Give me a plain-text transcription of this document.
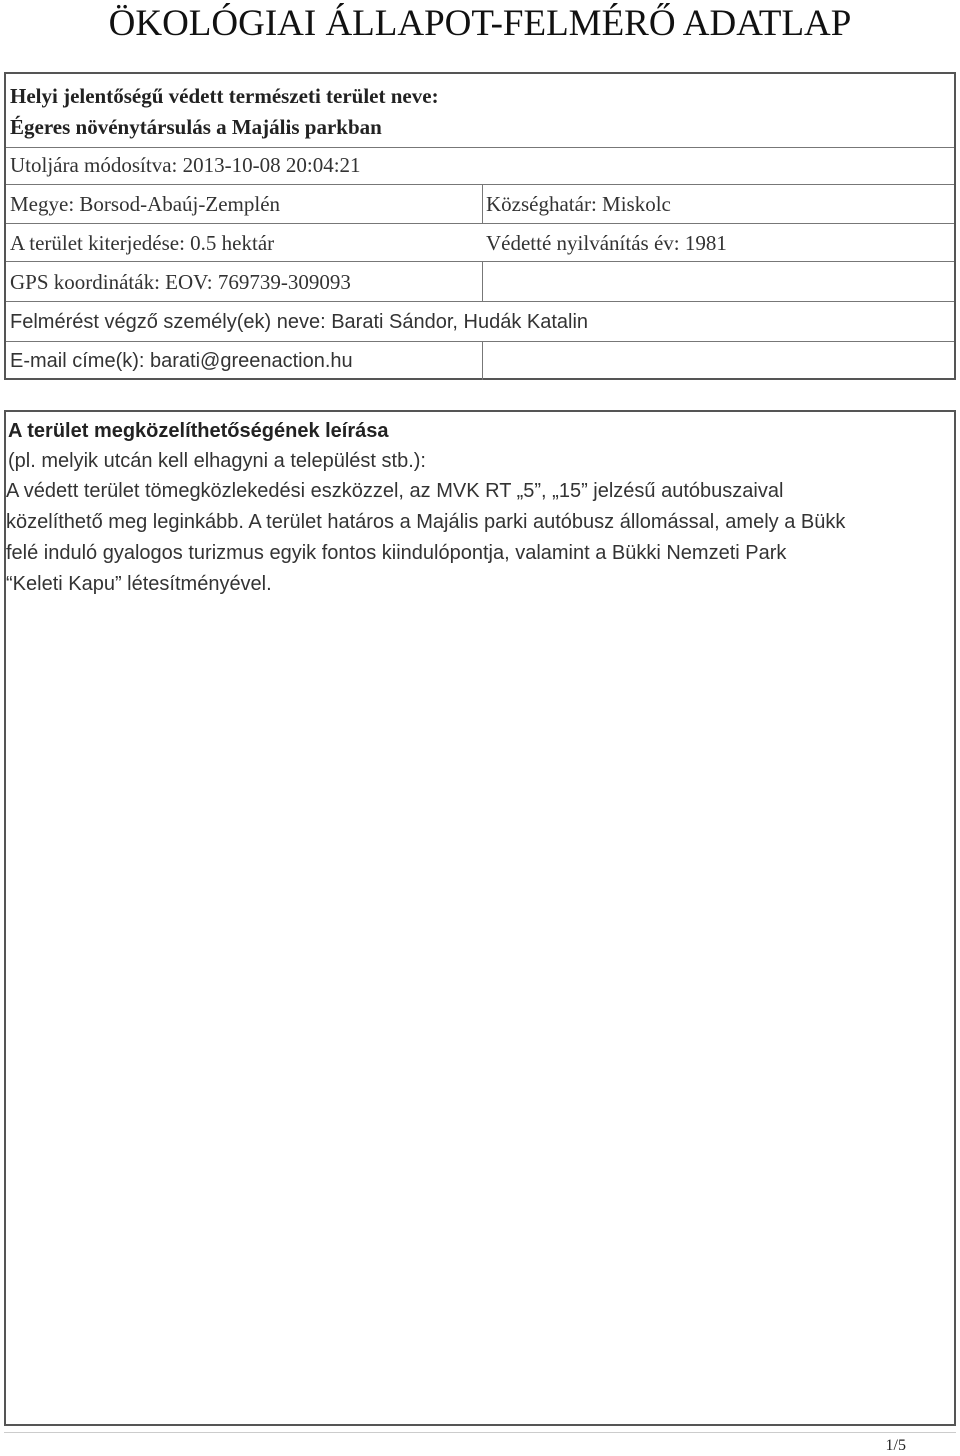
ÖKOLÓGIAI ÁLLAPOT-FELMÉRŐ ADATLAP
Helyi jelentőségű védett természeti terület neve:
Égeres növénytársulás a Majális parkban
Utoljára módosítva: 2013-10-08 20:04:21
Megye: Borsod-Abaúj-Zemplén	Községhatár: Miskolc
A terület kiterjedése: 0.5 hektár	Védetté nyilvánítás év: 1981
GPS koordináták: EOV: 769739-309093
Felmérést végző személy(ek) neve: Barati Sándor, Hudák Katalin
E-mail címe(k): barati@greenaction.hu
A terület megközelíthetőségének leírása
(pl. melyik utcán kell elhagyni a települést stb.):
A védett terület tömegközlekedési eszközzel, az MVK RT „5”, „15” jelzésű autóbuszaival
közelíthető meg leginkább. A terület határos a Majális parki autóbusz állomással, amely a Bükk
felé induló gyalogos turizmus egyik fontos kiindulópontja, valamint a Bükki Nemzeti Park
“Keleti Kapu” létesítményével.
1/5
